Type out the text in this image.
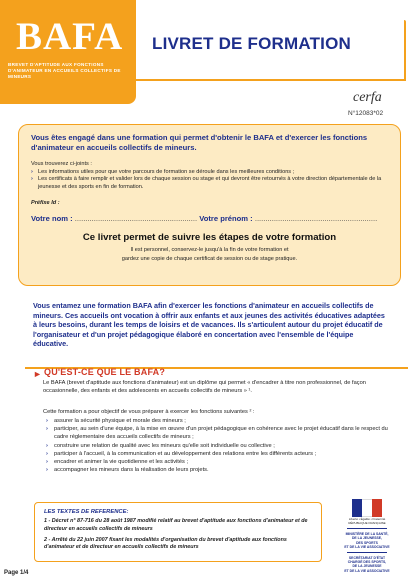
BAFA
BREVET D'APTITUDE AUX FONCTIONS D'ANIMATEUR EN ACCUEILS COLLECTIFS DE MINEURS
LIVRET DE FORMATION
cerfa
N°12083*02

Vous êtes engagé dans une formation qui permet d'obtenir le BAFA et d'exercer les fonctions d'animateur en accueils collectifs de mineurs.

Vous trouverez ci-joints :

› Les informations utiles pour que votre parcours de formation se déroule dans les meilleures conditions ;
› Les certificats à faire remplir et valider lors de chaque session ou stage et qui devront être retournés à votre direction départementale de la jeunesse et des sports en fin de formation.

Préfixe Id :

Votre nom : .......................................................... Votre prénom : ..........................................................

Ce livret permet de suivre les étapes de votre formation

Il est personnel, conservez-le jusqu'à la fin de votre formation et
gardez une copie de chaque certificat de session ou de stage pratique.

Vous entamez une formation BAFA afin d'exercer les fonctions d'animateur en accueils collectifs de mineurs. Ces accueils ont vocation à offrir aux enfants et aux jeunes des activités éducatives adaptées à leurs besoins, durant les temps de loisirs et de vacances. Ils s'articulent autour du projet éducatif de l'organisateur et d'un projet pédagogique élaboré en concertation avec l'ensemble de l'équipe éducative.

► QU'EST-CE QUE LE BAFA?

Le BAFA (brevet d'aptitude aux fonctions d'animateur) est un diplôme qui permet « d'encadrer à titre non professionnel, de façon occasionnelle, des enfants et des adolescents en accueils collectifs de mineurs » ¹.

Cette formation a pour objectif de vous préparer à exercer les fonctions suivantes ² :

› assurer la sécurité physique et morale des mineurs ;
› participer, au sein d'une équipe, à la mise en œuvre d'un projet pédagogique en cohérence avec le projet éducatif dans le respect du cadre réglementaire des accueils collectifs de mineurs ;
› construire une relation de qualité avec les mineurs qu'elle soit individuelle ou collective ;
› participer à l'accueil, à la communication et au développement des relations entre les différents acteurs ;
› encadrer et animer la vie quotidienne et les activités ;
› accompagner les mineurs dans la réalisation de leurs projets.

LES TEXTES DE REFERENCE:

1 - Décret n° 87-716 du 28 août 1987 modifié relatif au brevet d'aptitude aux fonctions d'animateur et de directeur en accueils collectifs de mineurs

2 - Arrêté du 22 juin 2007 fixant les modalités d'organisation du brevet d'aptitude aux fonctions d'animateur et de directeur en accueils collectifs de mineurs

Liberté • Égalité • Fraternité
RÉPUBLIQUE FRANÇAISE
MINISTÈRE DE LA SANTÉ,
DE LA JEUNESSE,
DES SPORTS
ET DE LA VIE ASSOCIATIVE
SECRÉTARIAT D'ÉTAT
CHARGÉ DES SPORTS,
DE LA JEUNESSE
ET DE LA VIE ASSOCIATIVE
Page 1/4
